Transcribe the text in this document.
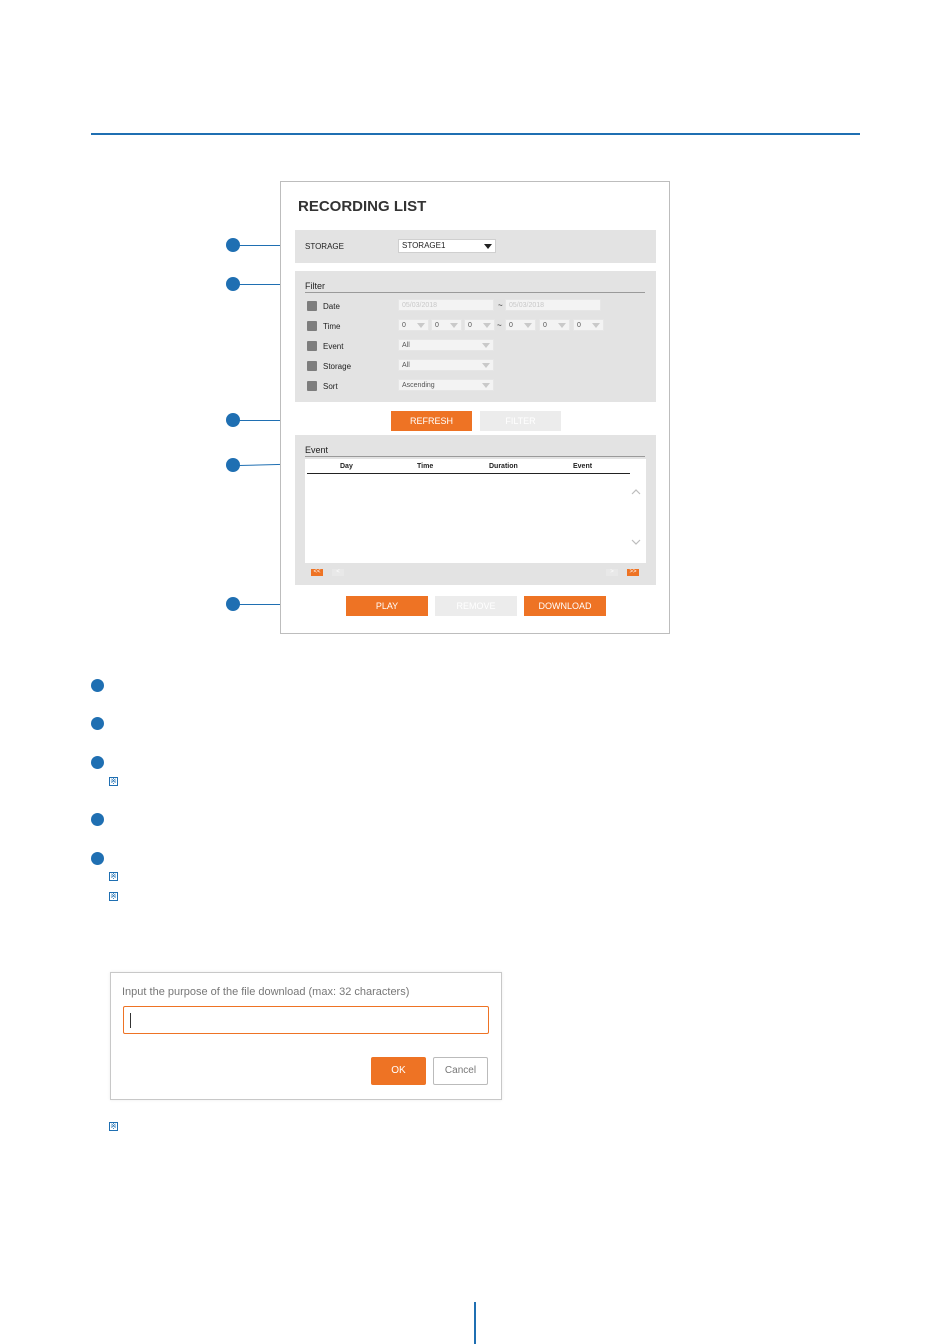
RECORDING LIST
STORAGE	STORAGE1
Filter
Date	05/03/2018	~ 05/03/2018
Time	0	0	0	~	0	0	0
Event	All
Storage	All
Sort	Ascending
REFRESH	FILTER
Event
Day	Time	Duration	Event
<<	<	>	>>
PLAY	REMOVE	DOWNLOAD
※
※
※
Input the purpose of the file download (max: 32 characters)
OK	Cancel
※
